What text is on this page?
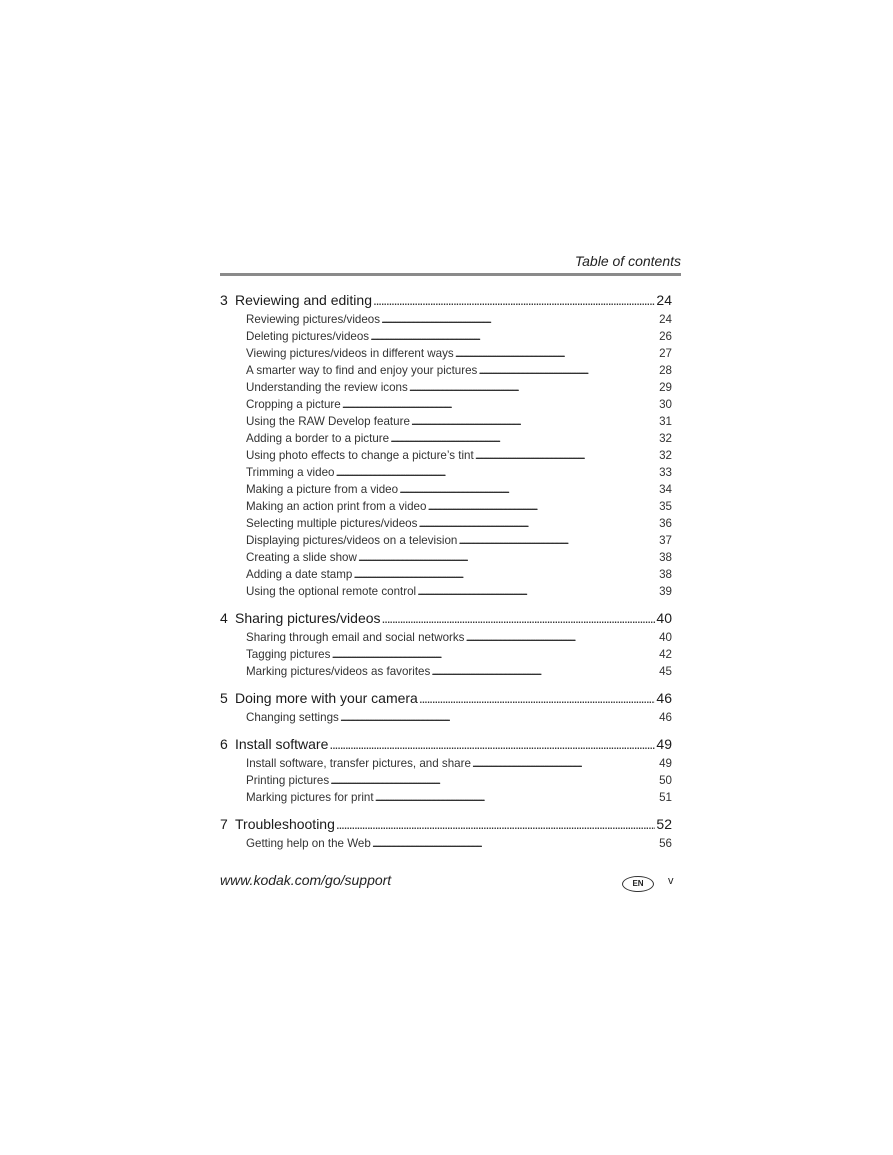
Table of contents
3 Reviewing and editing . . .	24
Reviewing pictures/videos . . .	24
Deleting pictures/videos . . .	26
Viewing pictures/videos in different ways . . .	27
A smarter way to find and enjoy your pictures . . .	28
Understanding the review icons . . .	29
Cropping a picture . . .	30
Using the RAW Develop feature . . .	31
Adding a border to a picture . . .	32
Using photo effects to change a picture’s tint . . .	32
Trimming a video . . .	33
Making a picture from a video . . .	34
Making an action print from a video . . .	35
Selecting multiple pictures/videos . . .	36
Displaying pictures/videos on a television . . .	37
Creating a slide show . . .	38
Adding a date stamp . . .	38
Using the optional remote control . . .	39
4 Sharing pictures/videos . . .	40
Sharing through email and social networks . . .	40
Tagging pictures . . .	42
Marking pictures/videos as favorites . . .	45
5 Doing more with your camera . . .	46
Changing settings . . .	46
6 Install software . . .	49
Install software, transfer pictures, and share . . .	49
Printing pictures . . .	50
Marking pictures for print . . .	51
7 Troubleshooting . . .	52
Getting help on the Web . . .	56
www.kodak.com/go/support	EN	v
